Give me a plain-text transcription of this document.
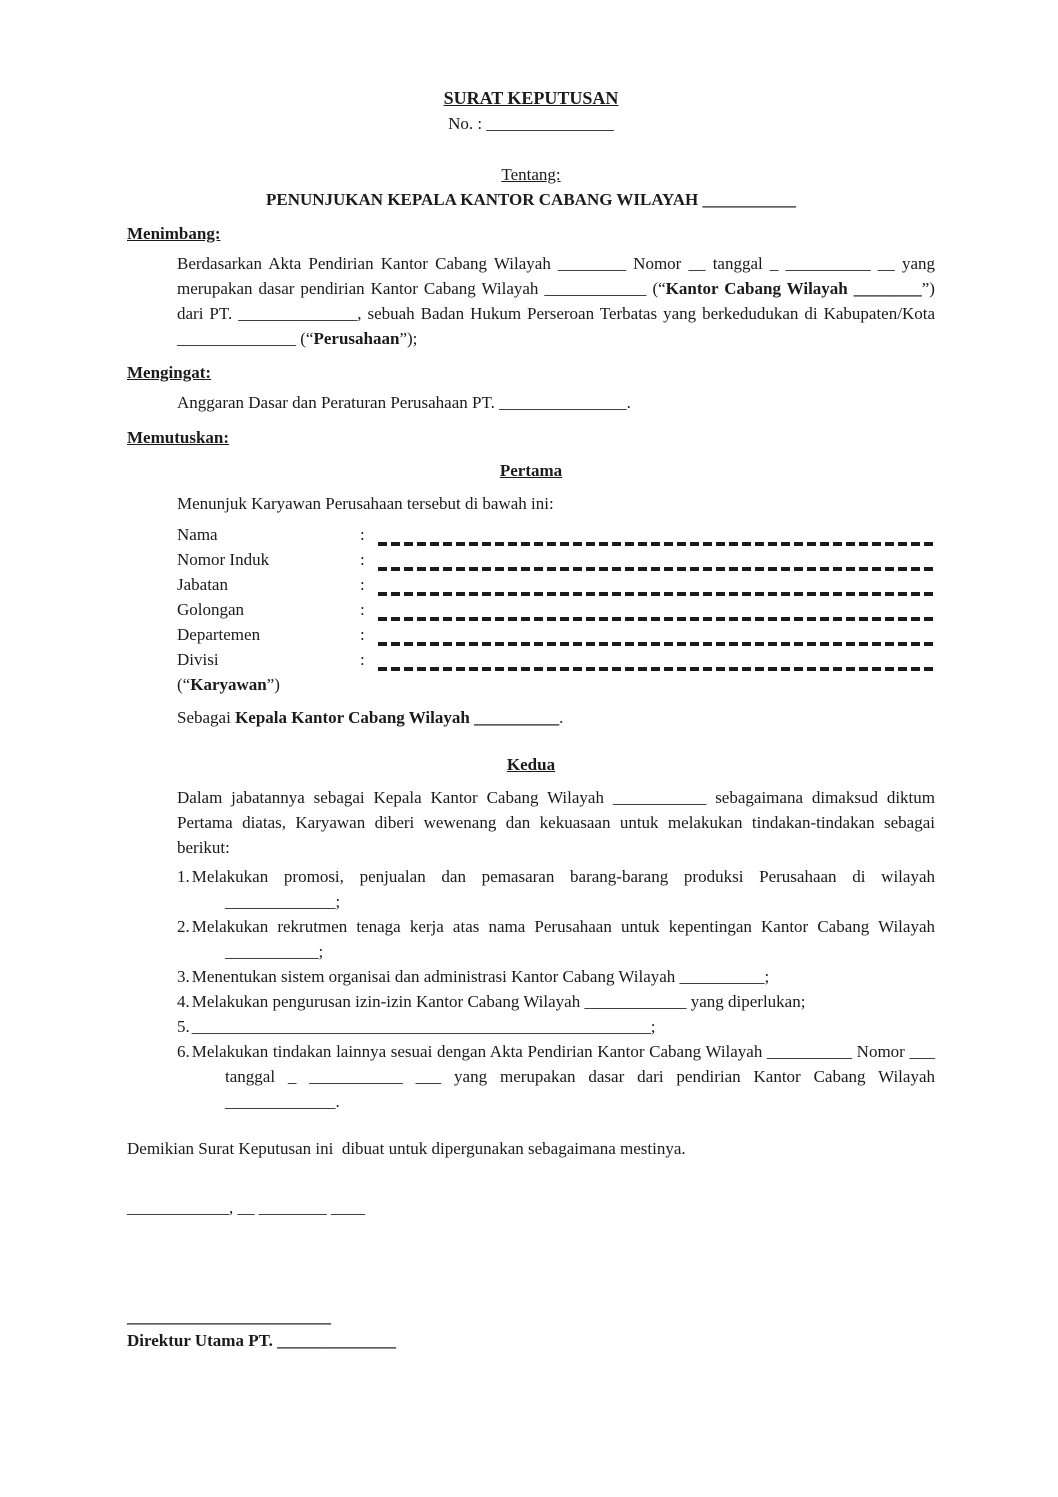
SURAT KEPUTUSAN

No. : _______________

Tentang:

PENUNJUKAN KEPALA KANTOR CABANG WILAYAH ___________

Menimbang:

Berdasarkan Akta Pendirian Kantor Cabang Wilayah ________ Nomor __ tanggal _ __________ __ yang merupakan dasar pendirian Kantor Cabang Wilayah ____________ (“Kantor Cabang Wilayah ________”) dari PT. ______________, sebuah Badan Hukum Perseroan Terbatas yang berkedudukan di Kabupaten/Kota ______________ (“Perusahaan”);

Mengingat:

Anggaran Dasar dan Peraturan Perusahaan PT. _______________.

Memutuskan:

Pertama

Menunjuk Karyawan Perusahaan tersebut di bawah ini:

Nama	:
Nomor Induk	:
Jabatan	:
Golongan	:
Departemen	:
Divisi	:

(“Karyawan”)

Sebagai Kepala Kantor Cabang Wilayah __________.

Kedua

Dalam jabatannya sebagai Kepala Kantor Cabang Wilayah ___________ sebagaimana dimaksud diktum Pertama diatas, Karyawan diberi wewenang dan kekuasaan untuk melakukan tindakan-tindakan sebagai berikut:

1. Melakukan promosi, penjualan dan pemasaran barang-barang produksi Perusahaan di wilayah _____________;

2. Melakukan rekrutmen tenaga kerja atas nama Perusahaan untuk kepentingan Kantor Cabang Wilayah ___________;

3. Menentukan sistem organisai dan administrasi Kantor Cabang Wilayah __________;

4. Melakukan pengurusan izin-izin Kantor Cabang Wilayah ____________ yang diperlukan;

5. ______________________________________________________;

6. Melakukan tindakan lainnya sesuai dengan Akta Pendirian Kantor Cabang Wilayah __________ Nomor ___ tanggal _ ___________ ___ yang merupakan dasar dari pendirian Kantor Cabang Wilayah _____________.

Demikian Surat Keputusan ini  dibuat untuk dipergunakan sebagaimana mestinya.

____________, __ ________ ____

________________________

Direktur Utama PT. ______________
